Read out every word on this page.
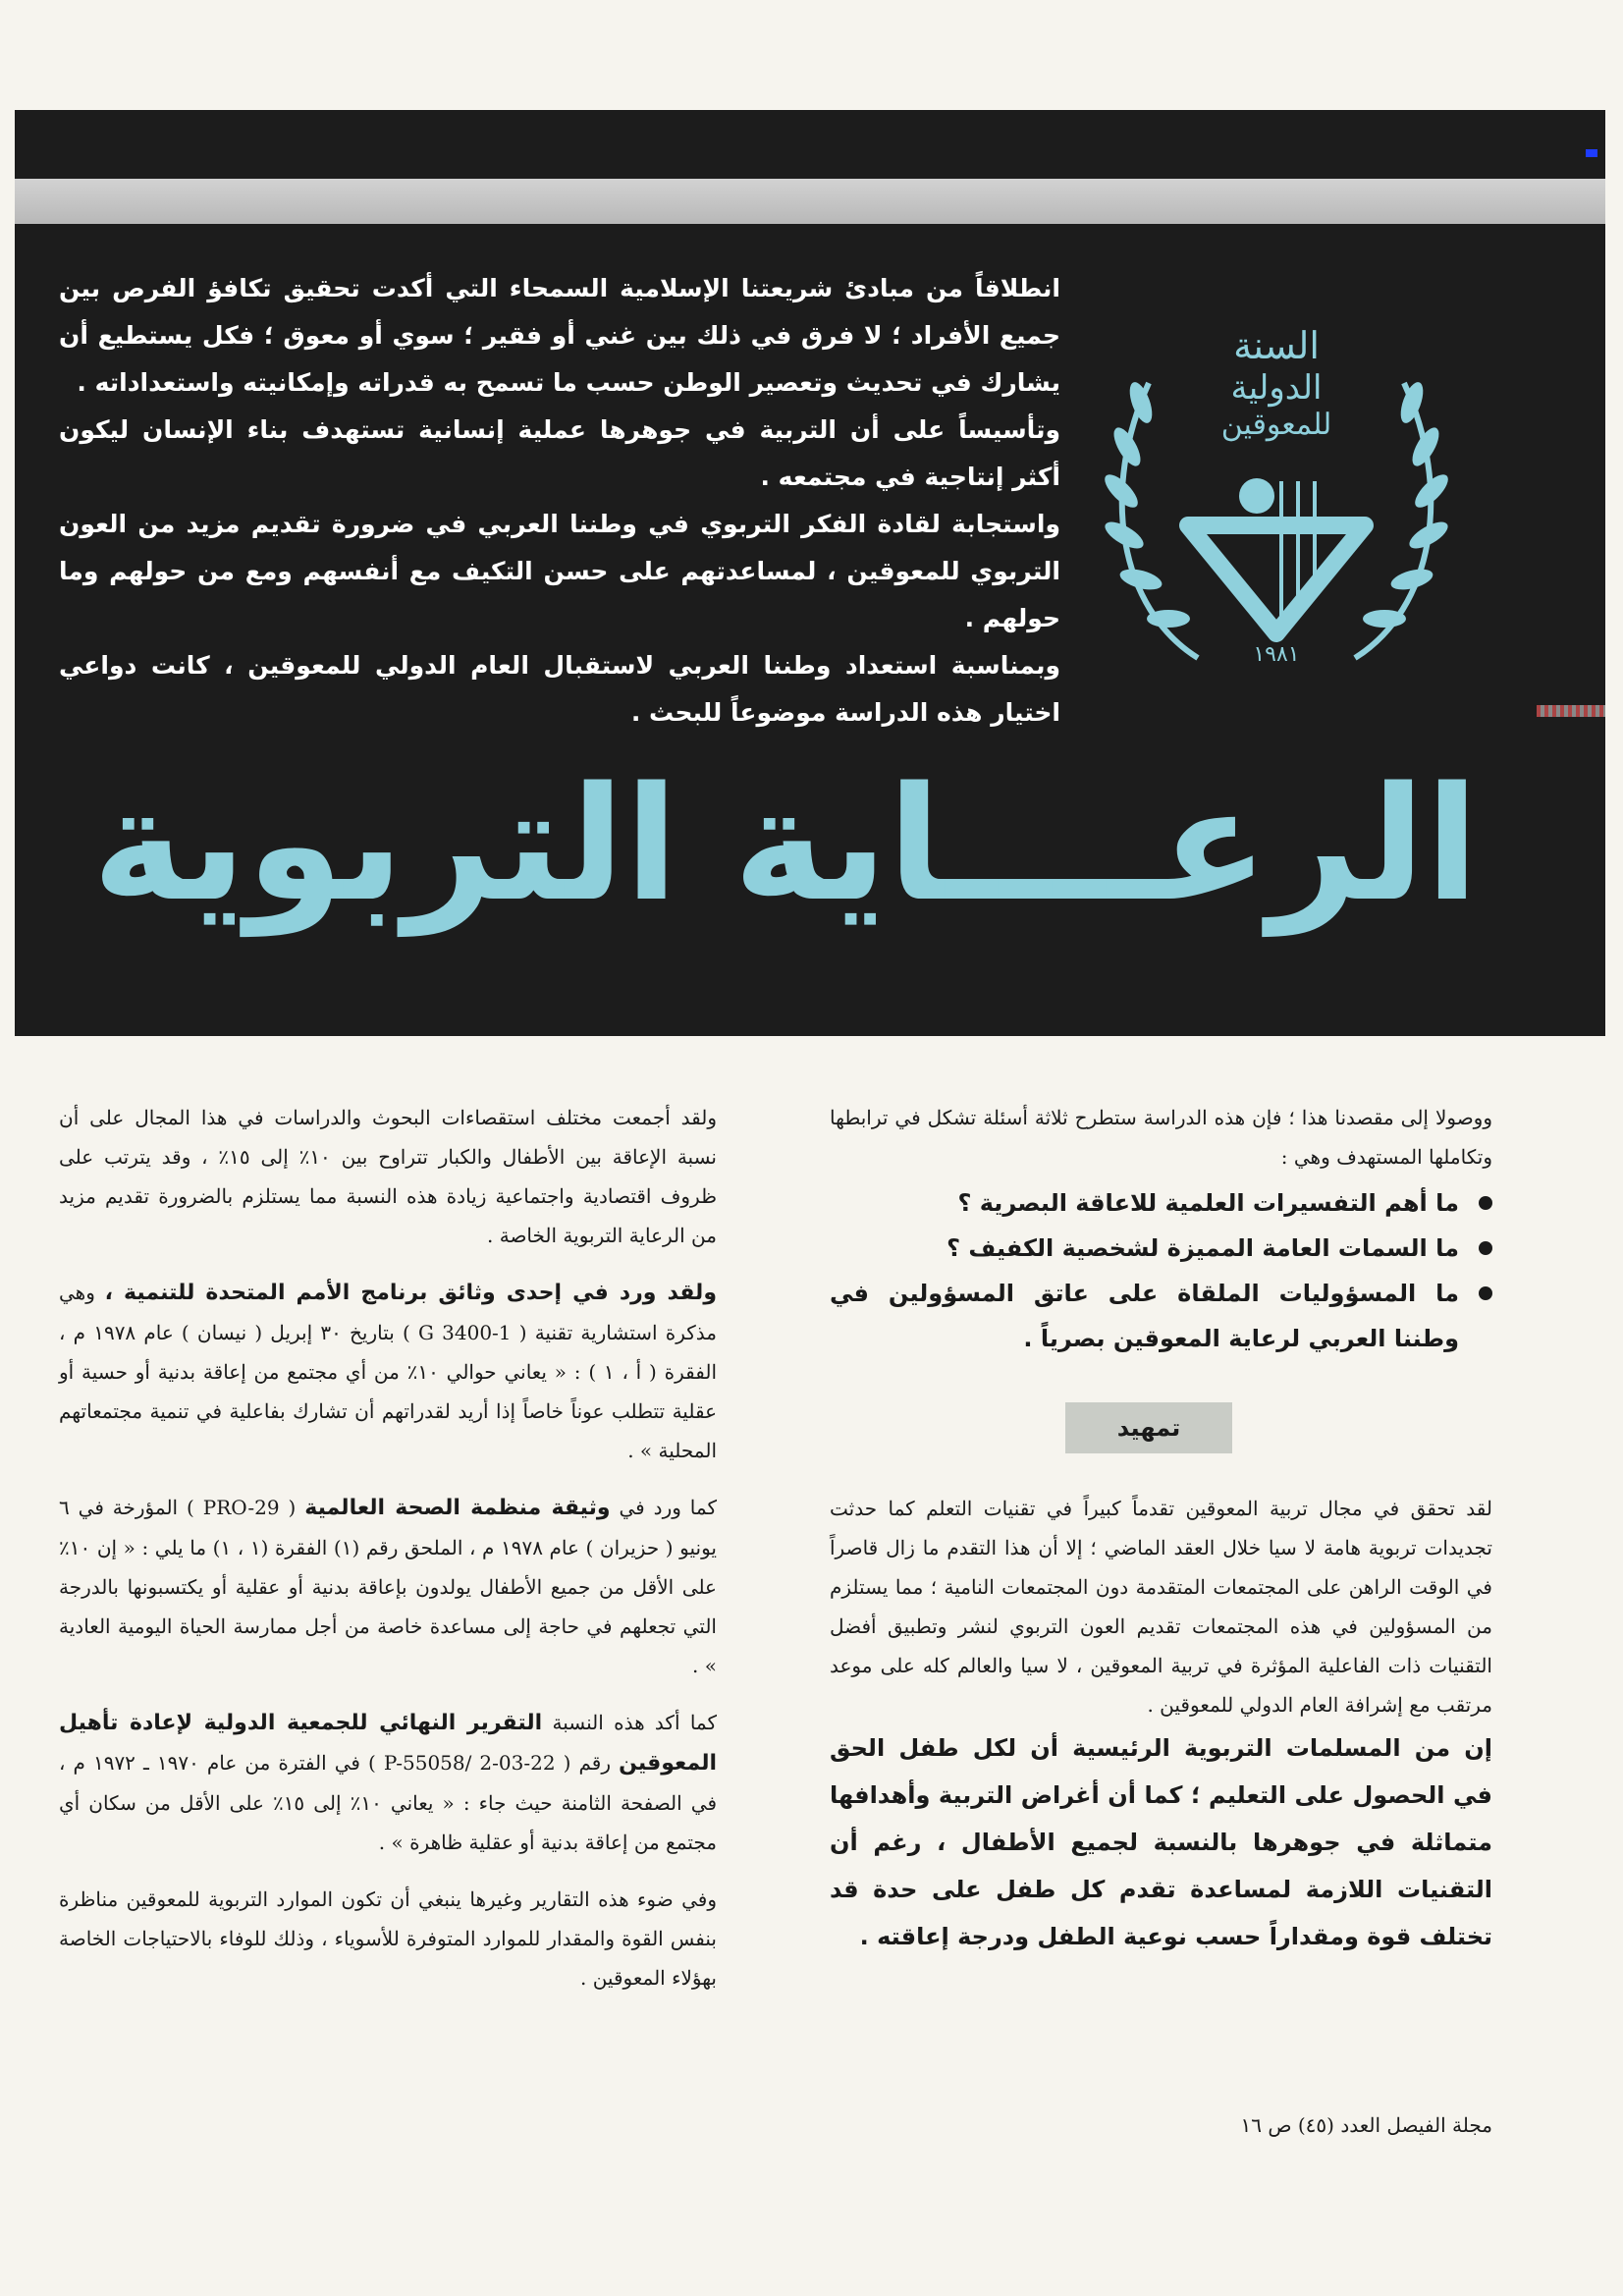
انطلاقاً من مبادئ شريعتنا الإسلامية السمحاء التي أكدت تحقيق تكافؤ الفرص بين جميع الأفراد ؛ لا فرق في ذلك بين غني أو فقير ؛ سوي أو معوق ؛ فكل يستطيع أن يشارك في تحديث وتعصير الوطن حسب ما تسمح به قدراته وإمكانيته واستعداداته .

وتأسيساً على أن التربية في جوهرها عملية إنسانية تستهدف بناء الإنسان ليكون أكثر إنتاجية في مجتمعه .

واستجابة لقادة الفكر التربوي في وطننا العربي في ضرورة تقديم مزيد من العون التربوي للمعوقين ، لمساعدتهم على حسن التكيف مع أنفسهم ومع من حولهم وما حولهم .

وبمناسبة استعداد وطننا العربي لاستقبال العام الدولي للمعوقين ، كانت دواعي اختيار هذه الدراسة موضوعاً للبحث .

السنة
الدولية
للمعوقين
١٩٨١
الرعــــاية التربوية

ووصولا إلى مقصدنا هذا ؛ فإن هذه الدراسة ستطرح ثلاثة أسئلة تشكل في ترابطها وتكاملها المستهدف وهي :

ما أهم التفسيرات العلمية للاعاقة البصرية ؟
ما السمات العامة المميزة لشخصية الكفيف ؟
ما المسؤوليات الملقاة على عاتق المسؤولين في وطننا العربي لرعاية المعوقين بصرياً .
تمهيد

لقد تحقق في مجال تربية المعوقين تقدماً كبيراً في تقنيات التعلم كما حدثت تجديدات تربوية هامة لا سيا خلال العقد الماضي ؛ إلا أن هذا التقدم ما زال قاصراً في الوقت الراهن على المجتمعات المتقدمة دون المجتمعات النامية ؛ مما يستلزم من المسؤولين في هذه المجتمعات تقديم العون التربوي لنشر وتطبيق أفضل التقنيات ذات الفاعلية المؤثرة في تربية المعوقين ، لا سيا والعالم كله على موعد مرتقب مع إشرافة العام الدولي للمعوقين .

إن من المسلمات التربوية الرئيسية أن لكل طفل الحق في الحصول على التعليم ؛ كما أن أغراض التربية وأهدافها متماثلة في جوهرها بالنسبة لجميع الأطفال ، رغم أن التقنيات اللازمة لمساعدة تقدم كل طفل على حدة قد تختلف قوة ومقداراً حسب نوعية الطفل ودرجة إعاقته .

ولقد أجمعت مختلف استقصاءات البحوث والدراسات في هذا المجال على أن نسبة الإعاقة بين الأطفال والكبار تتراوح بين ١٠٪ إلى ١٥٪ ، وقد يترتب على ظروف اقتصادية واجتماعية زيادة هذه النسبة مما يستلزم بالضرورة تقديم مزيد من الرعاية التربوية الخاصة .

ولقد ورد في إحدى وثائق برنامج الأمم المتحدة للتنمية ، وهي مذكرة استشارية تقنية ( G 3400-1 ) بتاريخ ٣٠ إبريل ( نيسان ) عام ١٩٧٨ م ، الفقرة ( أ ، ١ ) : « يعاني حوالي ١٠٪ من أي مجتمع من إعاقة بدنية أو حسية أو عقلية تتطلب عوناً خاصاً إذا أريد لقدراتهم أن تشارك بفاعلية في تنمية مجتمعاتهم المحلية » .

كما ورد في وثيقة منظمة الصحة العالمية ( PRO-29 ) المؤرخة في ٦ يونيو ( حزيران ) عام ١٩٧٨ م ، الملحق رقم (١) الفقرة (١ ، ١) ما يلي : « إن ١٠٪ على الأقل من جميع الأطفال يولدون بإعاقة بدنية أو عقلية أو يكتسبونها بالدرجة التي تجعلهم في حاجة إلى مساعدة خاصة من أجل ممارسة الحياة اليومية العادية » .

كما أكد هذه النسبة التقرير النهائي للجمعية الدولية لإعادة تأهيل المعوقين رقم ( 22-P-55058/ 2-03 ) في الفترة من عام ١٩٧٠ ـ ١٩٧٢ م ، في الصفحة الثامنة حيث جاء : « يعاني ١٠٪ إلى ١٥٪ على الأقل من سكان أي مجتمع من إعاقة بدنية أو عقلية ظاهرة » .

وفي ضوء هذه التقارير وغيرها ينبغي أن تكون الموارد التربوية للمعوقين مناظرة بنفس القوة والمقدار للموارد المتوفرة للأسوياء ، وذلك للوفاء بالاحتياجات الخاصة بهؤلاء المعوقين .

مجلة الفيصل العدد (٤٥) ص ١٦
